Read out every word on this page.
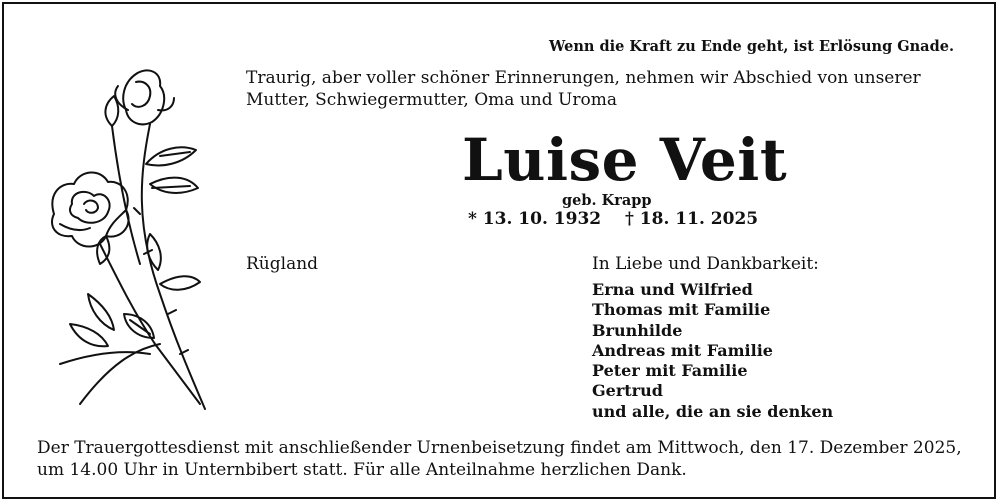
Wenn die Kraft zu Ende geht, ist Erlösung Gnade.
Traurig, aber voller schöner Erinnerungen, nehmen wir Abschied von unserer Mutter, Schwiegermutter, Oma und Uroma
Luise Veit
geb. Krapp
* 13. 10. 1932 † 18. 11. 2025
Rügland	In Liebe und Dankbarkeit:
Erna und Wilfried
Thomas mit Familie
Brunhilde
Andreas mit Familie
Peter mit Familie
Gertrud
und alle, die an sie denken
Der Trauergottesdienst mit anschließender Urnenbeisetzung findet am Mittwoch, den 17. Dezember 2025, um 14.00 Uhr in Unternbibert statt. Für alle Anteilnahme herzlichen Dank.
